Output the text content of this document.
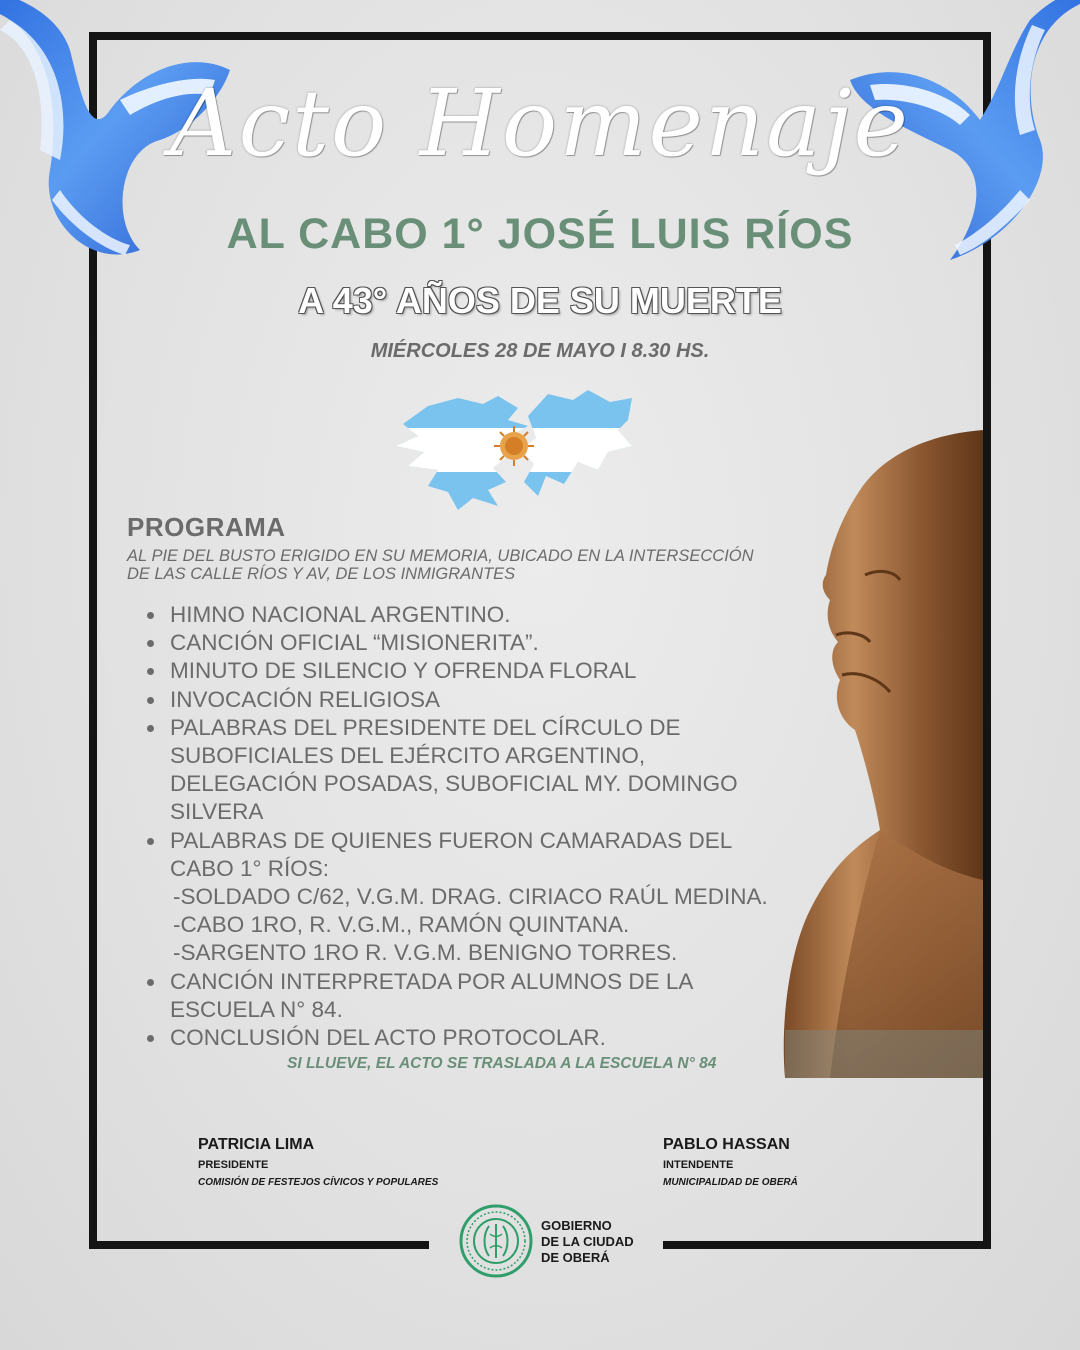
Acto Homenaje
AL CABO 1° JOSÉ LUIS RÍOS
A 43° AÑOS DE SU MUERTE
MIÉRCOLES 28 DE MAYO I 8.30 HS.
PROGRAMA
AL PIE DEL BUSTO ERIGIDO EN SU MEMORIA, UBICADO EN LA INTERSECCIÓN
DE LAS CALLE RÍOS Y AV, DE LOS INMIGRANTES
HIMNO NACIONAL ARGENTINO.
CANCIÓN OFICIAL “MISIONERITA”.
MINUTO DE SILENCIO Y OFRENDA FLORAL
INVOCACIÓN RELIGIOSA
PALABRAS DEL PRESIDENTE DEL CÍRCULO DE
SUBOFICIALES DEL EJÉRCITO ARGENTINO,
DELEGACIÓN POSADAS, SUBOFICIAL MY. DOMINGO
SILVERA
PALABRAS DE QUIENES FUERON CAMARADAS DEL
CABO 1° RÍOS:
-SOLDADO C/62, V.G.M. DRAG. CIRIACO RAÚL MEDINA.
-CABO 1RO, R. V.G.M., RAMÓN QUINTANA.
-SARGENTO 1RO R. V.G.M. BENIGNO TORRES.
CANCIÓN INTERPRETADA POR ALUMNOS DE LA
ESCUELA N° 84.
CONCLUSIÓN DEL ACTO PROTOCOLAR.
SI LLUEVE, EL ACTO SE TRASLADA A LA ESCUELA N° 84
PATRICIA LIMA
PRESIDENTE
COMISIÓN DE FESTEJOS CÍVICOS Y POPULARES
PABLO HASSAN
INTENDENTE
MUNICIPALIDAD DE OBERÁ
GOBIERNO
DE LA CIUDAD
DE OBERÁ
